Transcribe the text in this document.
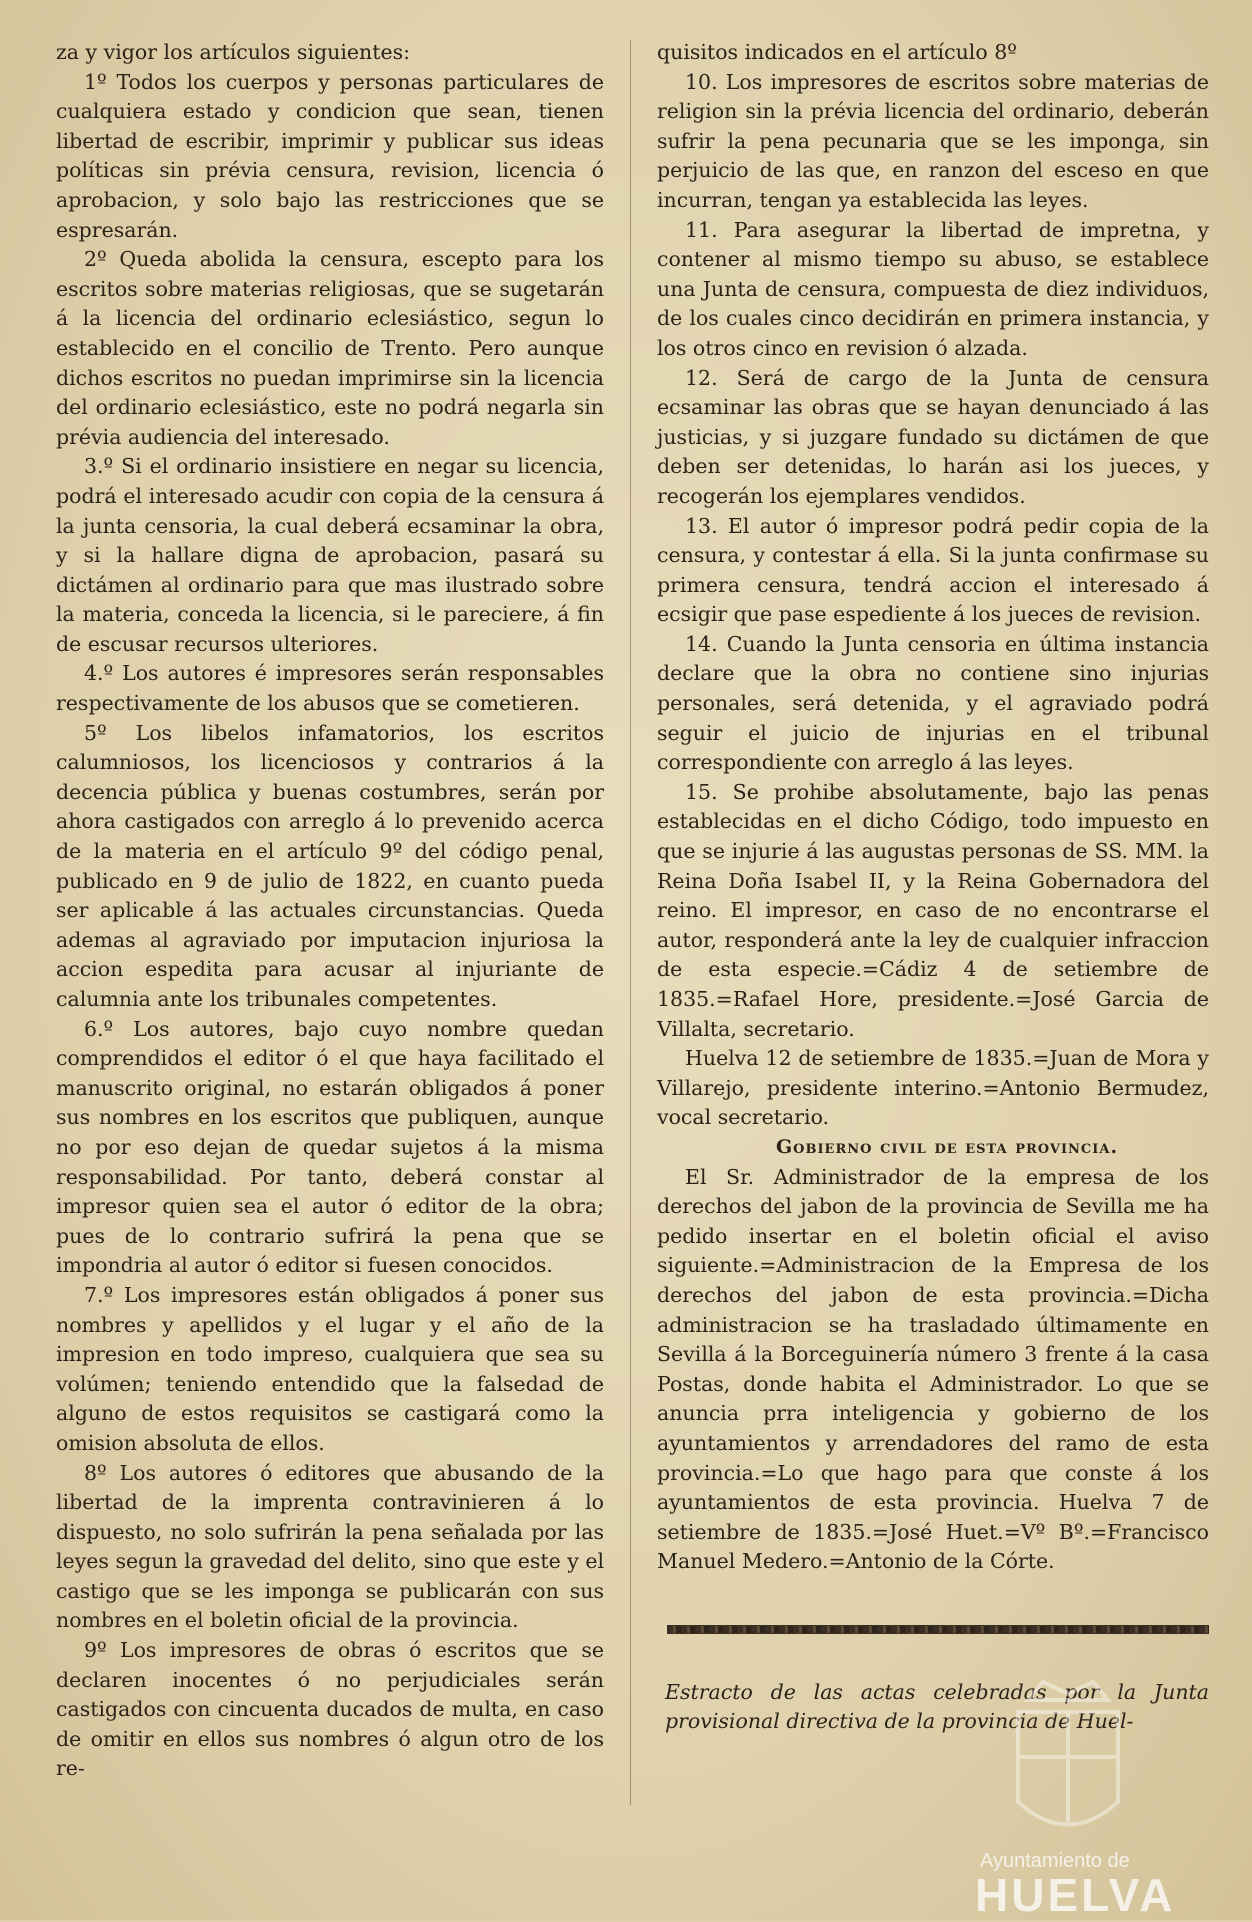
za y vigor los artículos siguientes:

1º Todos los cuerpos y personas particulares de cualquiera estado y condicion que sean, tienen libertad de escribir, imprimir y publicar sus ideas políticas sin prévia censura, revision, licencia ó aprobacion, y solo bajo las restricciones que se espresarán.

2º Queda abolida la censura, escepto para los escritos sobre materias religiosas, que se sugetarán á la licencia del ordinario eclesiástico, segun lo establecido en el concilio de Trento. Pero aunque dichos escritos no puedan imprimirse sin la licencia del ordinario eclesiástico, este no podrá negarla sin prévia audiencia del interesado.

3.º Si el ordinario insistiere en negar su licencia, podrá el interesado acudir con copia de la censura á la junta censoria, la cual deberá ecsaminar la obra, y si la hallare digna de aprobacion, pasará su dictámen al ordinario para que mas ilustrado sobre la materia, conceda la licencia, si le pareciere, á fin de escusar recursos ulteriores.

4.º Los autores é impresores serán responsables respectivamente de los abusos que se cometieren.

5º Los libelos infamatorios, los escritos calumniosos, los licenciosos y contrarios á la decencia pública y buenas costumbres, serán por ahora castigados con arreglo á lo prevenido acerca de la materia en el artículo 9º del código penal, publicado en 9 de julio de 1822, en cuanto pueda ser aplicable á las actuales circunstancias. Queda ademas al agraviado por imputacion injuriosa la accion espedita para acusar al injuriante de calumnia ante los tribunales competentes.

6.º Los autores, bajo cuyo nombre quedan comprendidos el editor ó el que haya facilitado el manuscrito original, no estarán obligados á poner sus nombres en los escritos que publiquen, aunque no por eso dejan de quedar sujetos á la misma responsabilidad. Por tanto, deberá constar al impresor quien sea el autor ó editor de la obra; pues de lo contrario sufrirá la pena que se impondria al autor ó editor si fuesen conocidos.

7.º Los impresores están obligados á poner sus nombres y apellidos y el lugar y el año de la impresion en todo impreso, cualquiera que sea su volúmen; teniendo entendido que la falsedad de alguno de estos requisitos se castigará como la omision absoluta de ellos.

8º Los autores ó editores que abusando de la libertad de la imprenta contravinieren á lo dispuesto, no solo sufrirán la pena señalada por las leyes segun la gravedad del delito, sino que este y el castigo que se les imponga se publicarán con sus nombres en el boletin oficial de la provincia.

9º Los impresores de obras ó escritos que se declaren inocentes ó no perjudiciales serán castigados con cincuenta ducados de multa, en caso de omitir en ellos sus nombres ó algun otro de los re-

quisitos indicados en el artículo 8º

10. Los impresores de escritos sobre materias de religion sin la prévia licencia del ordinario, deberán sufrir la pena pecunaria que se les imponga, sin perjuicio de las que, en ranzon del esceso en que incurran, tengan ya establecida las leyes.

11. Para asegurar la libertad de impretna, y contener al mismo tiempo su abuso, se establece una Junta de censura, compuesta de diez individuos, de los cuales cinco decidirán en primera instancia, y los otros cinco en revision ó alzada.

12. Será de cargo de la Junta de censura ecsaminar las obras que se hayan denunciado á las justicias, y si juzgare fundado su dictámen de que deben ser detenidas, lo harán asi los jueces, y recogerán los ejemplares vendidos.

13. El autor ó impresor podrá pedir copia de la censura, y contestar á ella. Si la junta confirmase su primera censura, tendrá accion el interesado á ecsigir que pase espediente á los jueces de revision.

14. Cuando la Junta censoria en última instancia declare que la obra no contiene sino injurias personales, será detenida, y el agraviado podrá seguir el juicio de injurias en el tribunal correspondiente con arreglo á las leyes.

15. Se prohibe absolutamente, bajo las penas establecidas en el dicho Código, todo impuesto en que se injurie á las augustas personas de SS. MM. la Reina Doña Isabel II, y la Reina Gobernadora del reino. El impresor, en caso de no encontrarse el autor, responderá ante la ley de cualquier infraccion de esta especie.=Cádiz 4 de setiembre de 1835.=Rafael Hore, presidente.=José Garcia de Villalta, secretario.

Huelva 12 de setiembre de 1835.=Juan de Mora y Villarejo, presidente interino.=Antonio Bermudez, vocal secretario.

Gobierno civil de esta provincia.

El Sr. Administrador de la empresa de los derechos del jabon de la provincia de Sevilla me ha pedido insertar en el boletin oficial el aviso siguiente.=Administracion de la Empresa de los derechos del jabon de esta provincia.=Dicha administracion se ha trasladado últimamente en Sevilla á la Borceguinería número 3 frente á la casa Postas, donde habita el Administrador. Lo que se anuncia prra inteligencia y gobierno de los ayuntamientos y arrendadores del ramo de esta provincia.=Lo que hago para que conste á los ayuntamientos de esta provincia. Huelva 7 de setiembre de 1835.=José Huet.=Vº Bº.=Francisco Manuel Medero.=Antonio de la Córte.

Estracto de las actas celebradas por la Junta provisional directiva de la provincia de Huel-

Ayuntamiento de
HUELVA
